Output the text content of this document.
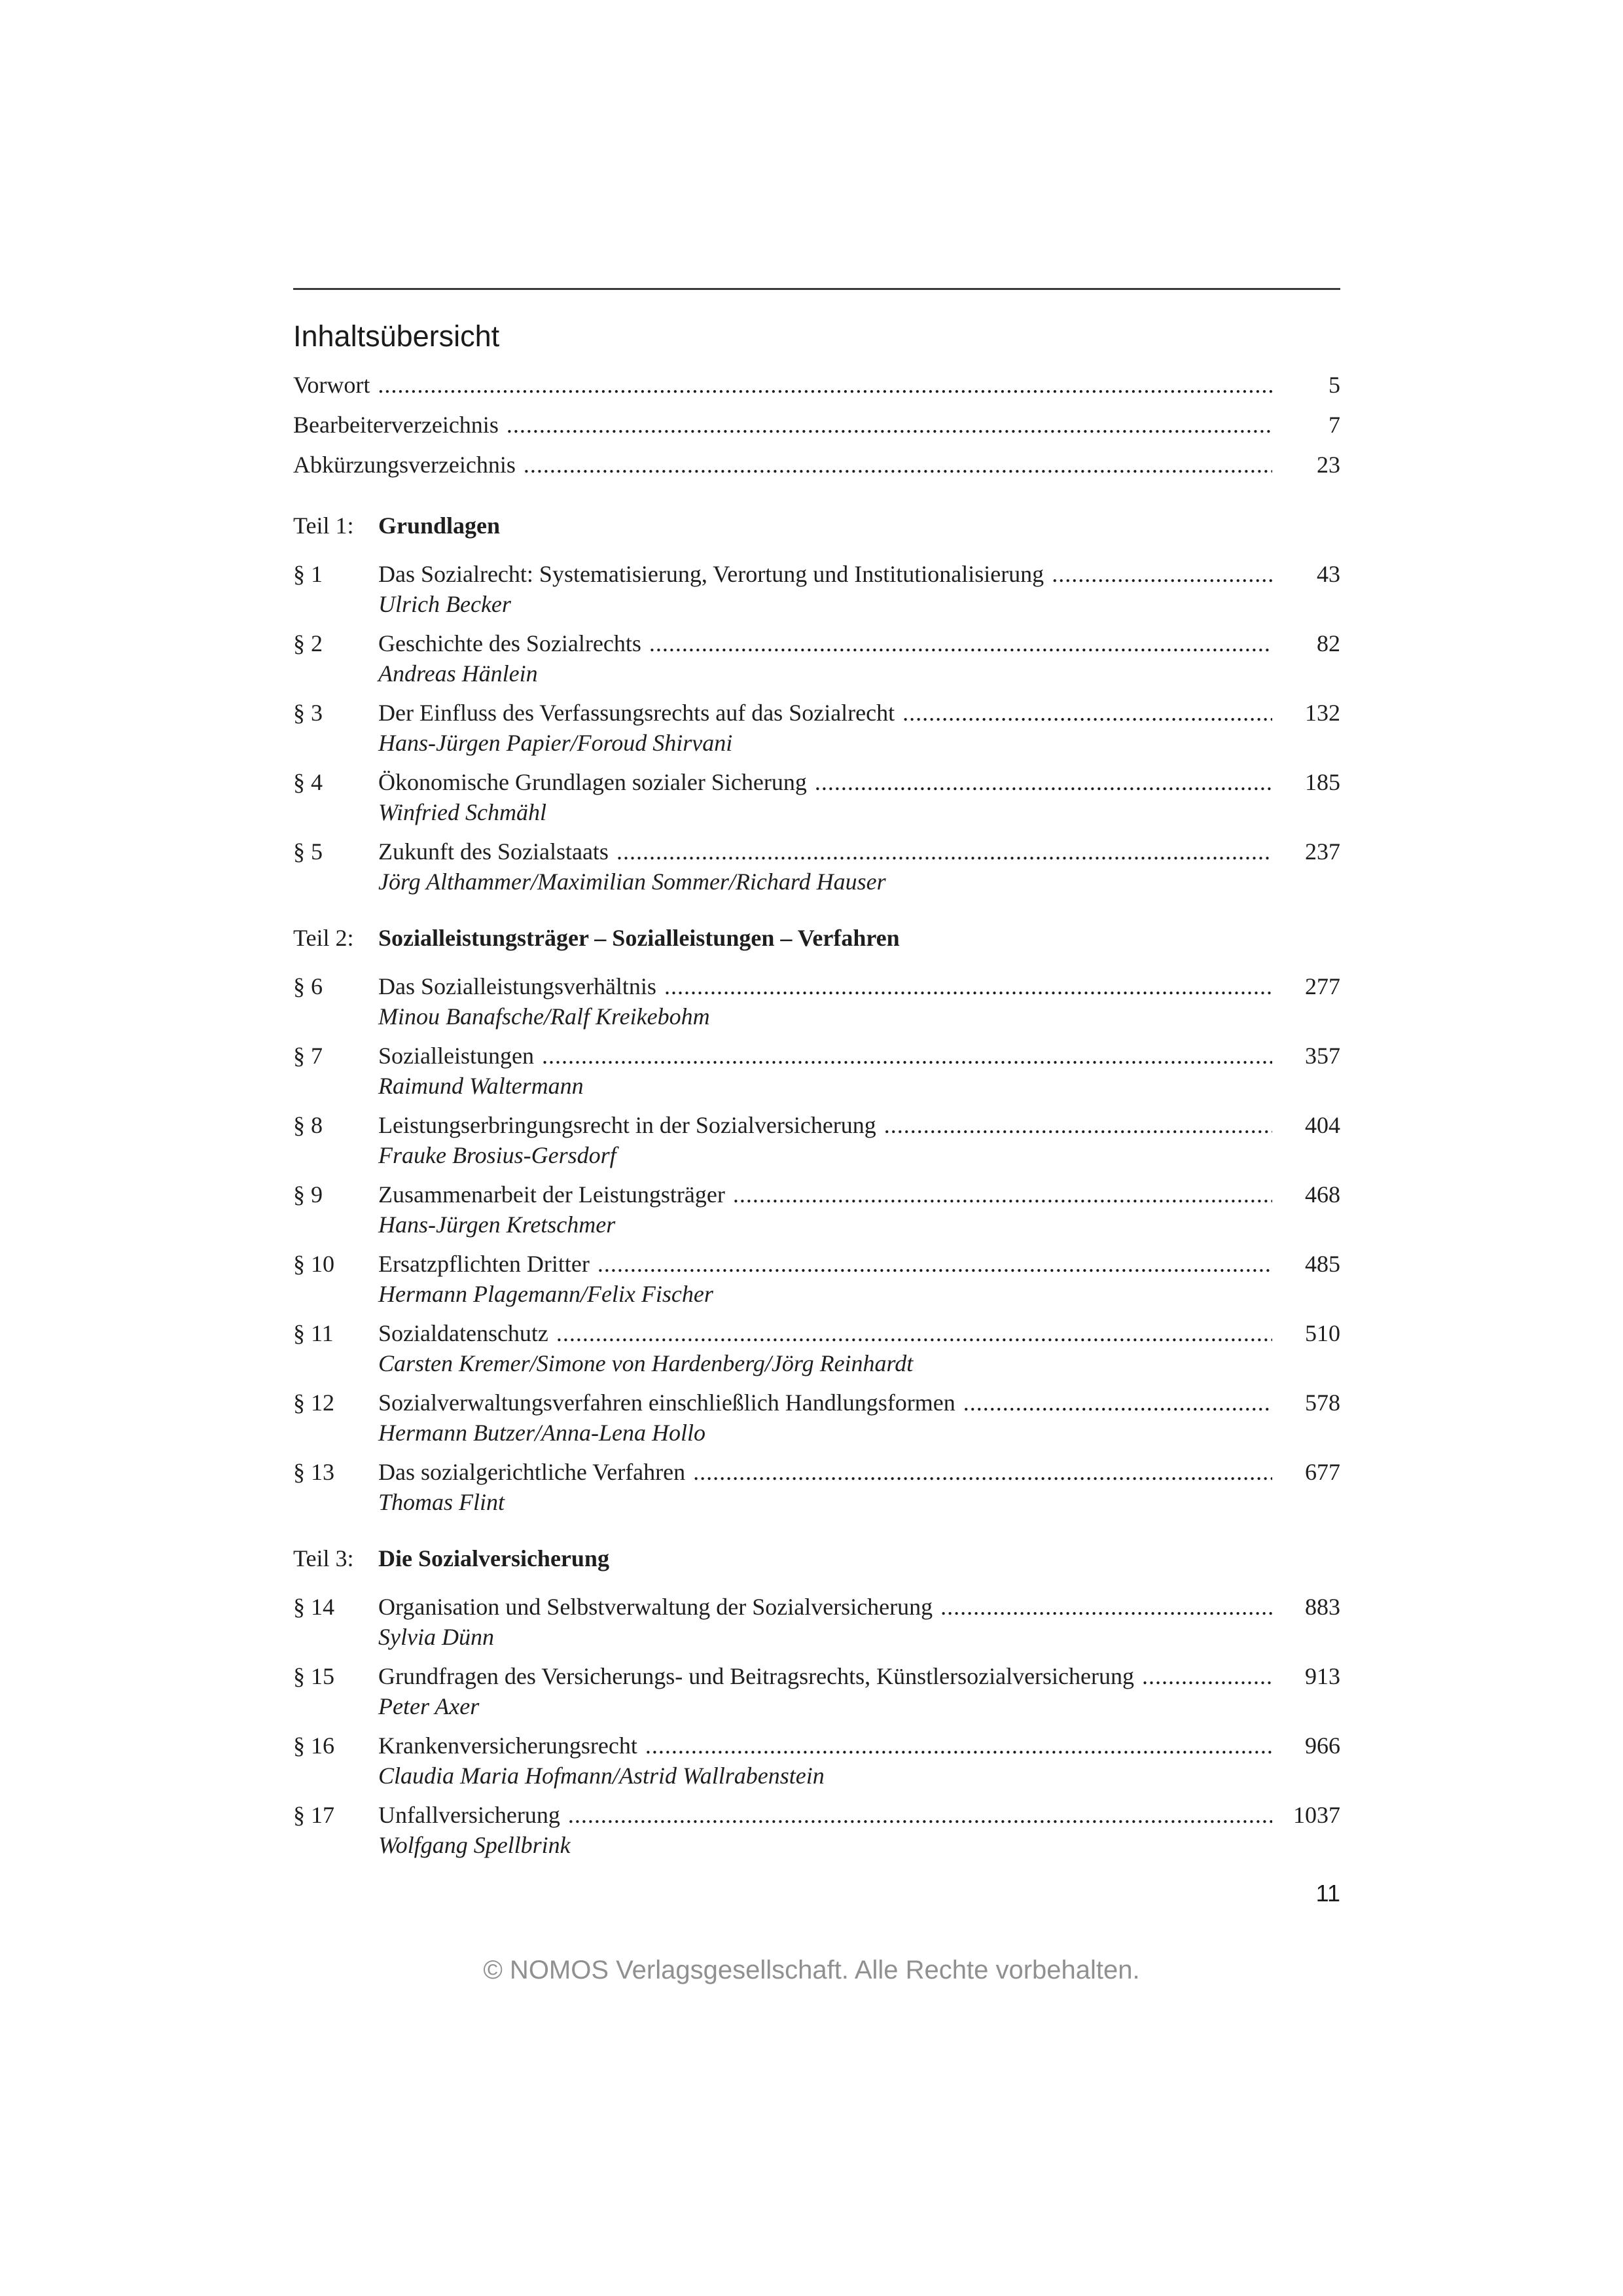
Inhaltsübersicht
Vorwort .....	5
Bearbeiterverzeichnis .....	7
Abkürzungsverzeichnis .....	23
Teil 1:	Grundlagen
§ 1	Das Sozialrecht: Systematisierung, Verortung und Institutionalisierung .....	43
Ulrich Becker
§ 2	Geschichte des Sozialrechts .....	82
Andreas Hänlein
§ 3	Der Einfluss des Verfassungsrechts auf das Sozialrecht .....	132
Hans-Jürgen Papier/Foroud Shirvani
§ 4	Ökonomische Grundlagen sozialer Sicherung .....	185
Winfried Schmähl
§ 5	Zukunft des Sozialstaats .....	237
Jörg Althammer/Maximilian Sommer/Richard Hauser
Teil 2:	Sozialleistungsträger – Sozialleistungen – Verfahren
§ 6	Das Sozialleistungsverhältnis .....	277
Minou Banafsche/Ralf Kreikebohm
§ 7	Sozialleistungen .....	357
Raimund Waltermann
§ 8	Leistungserbringungsrecht in der Sozialversicherung .....	404
Frauke Brosius-Gersdorf
§ 9	Zusammenarbeit der Leistungsträger .....	468
Hans-Jürgen Kretschmer
§ 10	Ersatzpflichten Dritter .....	485
Hermann Plagemann/Felix Fischer
§ 11	Sozialdatenschutz .....	510
Carsten Kremer/Simone von Hardenberg/Jörg Reinhardt
§ 12	Sozialverwaltungsverfahren einschließlich Handlungsformen .....	578
Hermann Butzer/Anna-Lena Hollo
§ 13	Das sozialgerichtliche Verfahren .....	677
Thomas Flint
Teil 3:	Die Sozialversicherung
§ 14	Organisation und Selbstverwaltung der Sozialversicherung .....	883
Sylvia Dünn
§ 15	Grundfragen des Versicherungs- und Beitragsrechts, Künstlersozialversicherung .....	913
Peter Axer
§ 16	Krankenversicherungsrecht .....	966
Claudia Maria Hofmann/Astrid Wallrabenstein
§ 17	Unfallversicherung .....	1037
Wolfgang Spellbrink
11
© NOMOS Verlagsgesellschaft. Alle Rechte vorbehalten.
